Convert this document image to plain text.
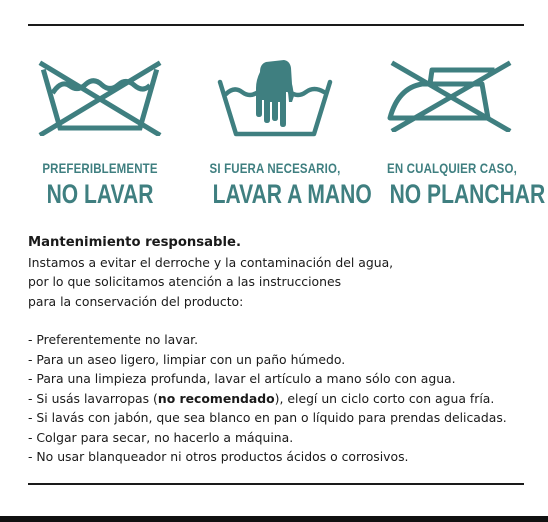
PREFERIBLEMENTE
NO LAVAR
SI FUERA NECESARIO,
LAVAR A MANO
EN CUALQUIER CASO,
NO PLANCHAR
Mantenimiento responsable.
Instamos a evitar el derroche y la contaminación del agua,
por lo que solicitamos atención a las instrucciones
para la conservación del producto:
- Preferentemente no lavar.
- Para un aseo ligero, limpiar con un paño húmedo.
- Para una limpieza profunda, lavar el artículo a mano sólo con agua.
- Si usás lavarropas (no recomendado), elegí un ciclo corto con agua fría.
- Si lavás con jabón, que sea blanco en pan o líquido para prendas delicadas.
- Colgar para secar, no hacerlo a máquina.
- No usar blanqueador ni otros productos ácidos o corrosivos.
